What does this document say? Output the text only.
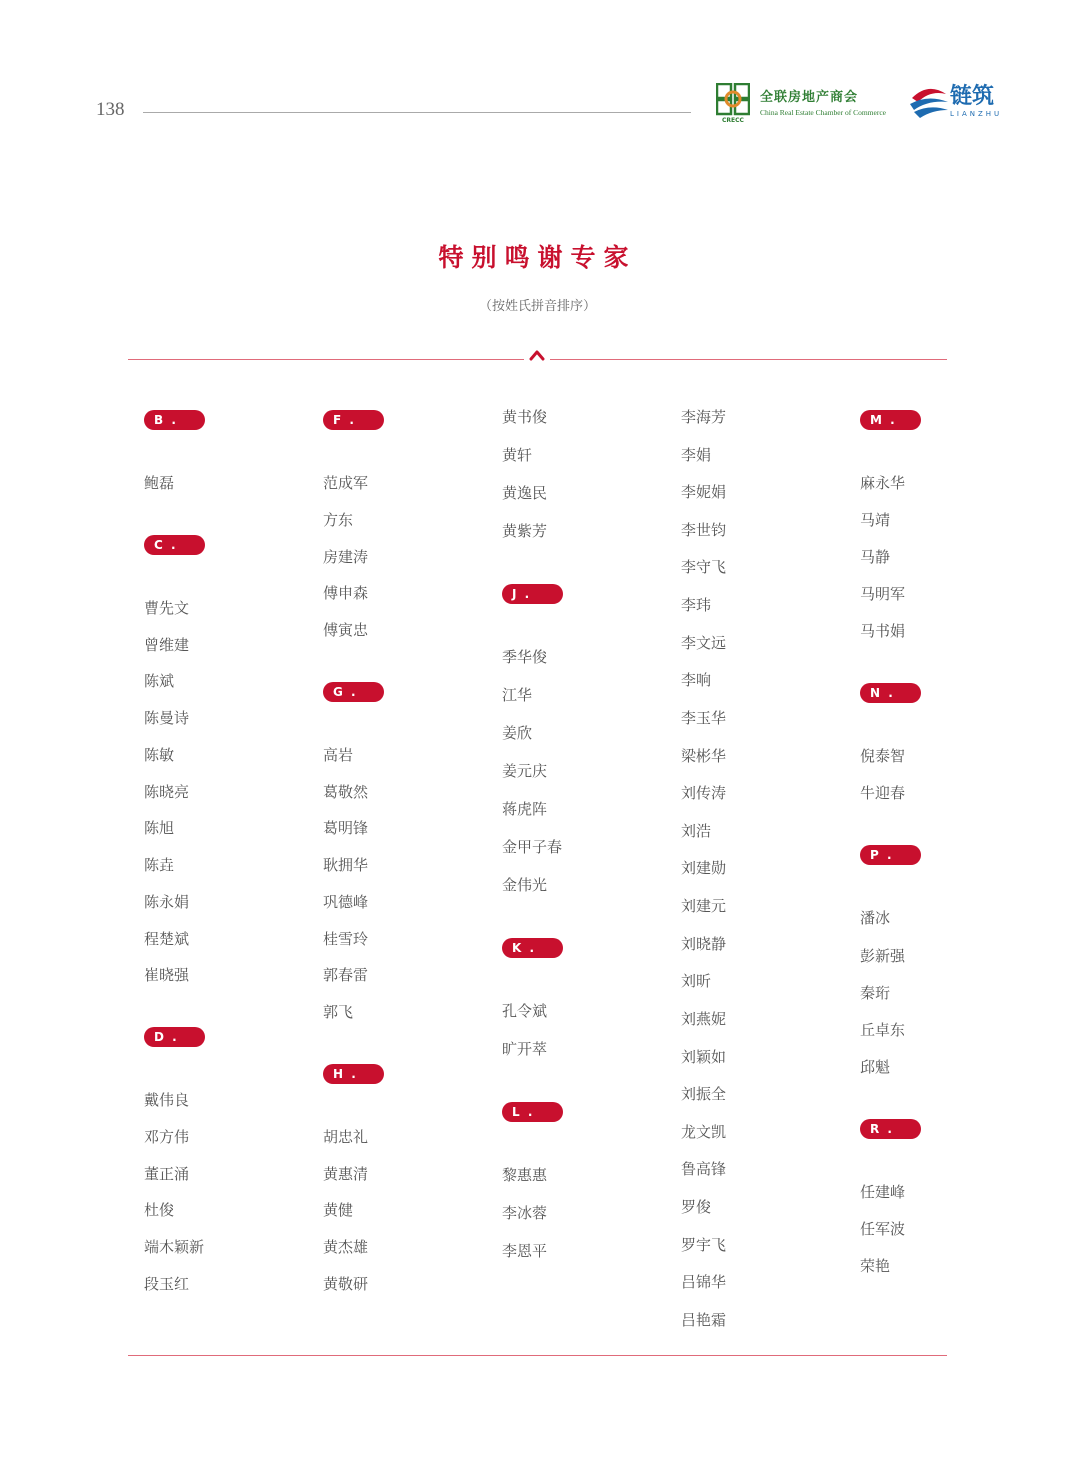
138
CRECC
全联房地产商会
China Real Estate Chamber of Commerce
链筑
LIANZHU
特别鸣谢专家
（按姓氏拼音排序）
B .
鲍磊
C .
曹先文
曾维建
陈斌
陈曼诗
陈敏
陈晓亮
陈旭
陈垚
陈永娟
程楚斌
崔晓强
D .
戴伟良
邓方伟
董正涌
杜俊
端木颖新
段玉红
F .
范成军
方东
房建涛
傅申森
傅寅忠
G .
高岩
葛敬然
葛明锋
耿拥华
巩德峰
桂雪玲
郭春雷
郭飞
H .
胡忠礼
黄惠清
黄健
黄杰雄
黄敬研
黄书俊
黄轩
黄逸民
黄紫芳
J .
季华俊
江华
姜欣
姜元庆
蒋虎阵
金甲子春
金伟光
K .
孔令斌
旷开萃
L .
黎惠惠
李冰蓉
李恩平
李海芳
李娟
李妮娟
李世钧
李守飞
李玮
李文远
李响
李玉华
梁彬华
刘传涛
刘浩
刘建勋
刘建元
刘晓静
刘昕
刘燕妮
刘颖如
刘振全
龙文凯
鲁高锋
罗俊
罗宇飞
吕锦华
吕艳霜
M .
麻永华
马靖
马静
马明军
马书娟
N .
倪泰智
牛迎春
P .
潘冰
彭新强
秦珩
丘卓东
邱魁
R .
任建峰
任军波
荣艳
